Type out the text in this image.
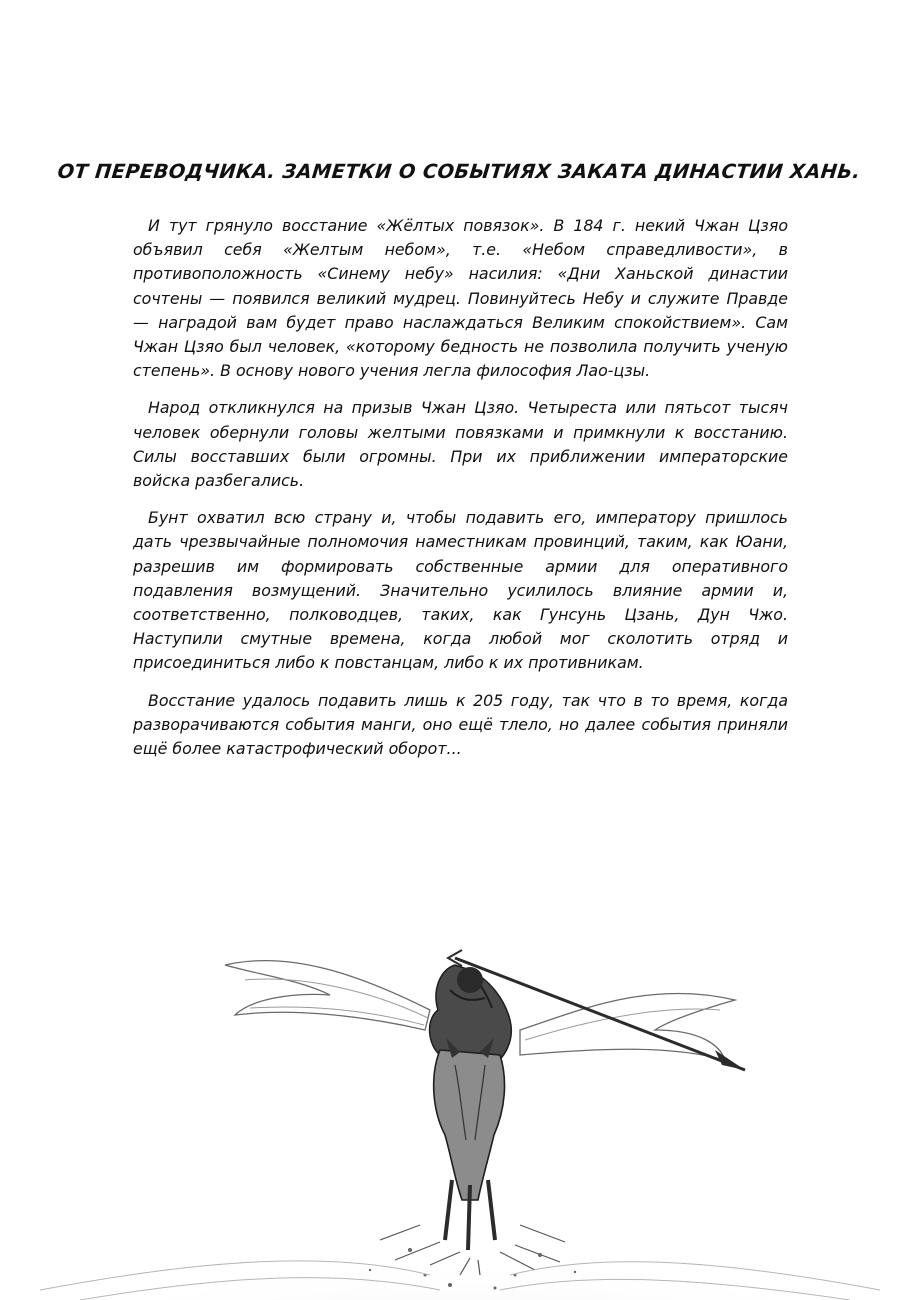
ОТ ПЕРЕВОДЧИКА. ЗАМЕТКИ О СОБЫТИЯХ ЗАКАТА ДИНАСТИИ ХАНЬ.

И тут грянуло восстание «Жёлтых повязок». В 184 г. некий Чжан Цзяо объявил себя «Желтым небом», т.е. «Небом справедливости», в противоположность «Синему небу» насилия: «Дни Ханьской династии сочтены — появился великий мудрец. Повинуйтесь Небу и служите Правде — наградой вам будет право наслаждаться Великим спокойствием». Сам Чжан Цзяо был человек, «которому бедность не позволила получить ученую степень». В основу нового учения легла философия Лао-цзы.

Народ откликнулся на призыв Чжан Цзяо. Четыреста или пятьсот тысяч человек обернули головы желтыми повязками и примкнули к восстанию. Силы восставших были огромны. При их приближении императорские войска разбегались.

Бунт охватил всю страну и, чтобы подавить его, императору пришлось дать чрезвычайные полномочия наместникам провинций, таким, как Юани, разрешив им формировать собственные армии для оперативного подавления возмущений. Значительно усилилось влияние армии и, соответственно, полководцев, таких, как Гунсунь Цзань, Дун Чжо. Наступили смутные времена, когда любой мог сколотить отряд и присоединиться либо к повстанцам, либо к их противникам.

Восстание удалось подавить лишь к 205 году, так что в то время, когда разворачиваются события манги, оно ещё тлело, но далее события приняли ещё более катастрофический оборот...
